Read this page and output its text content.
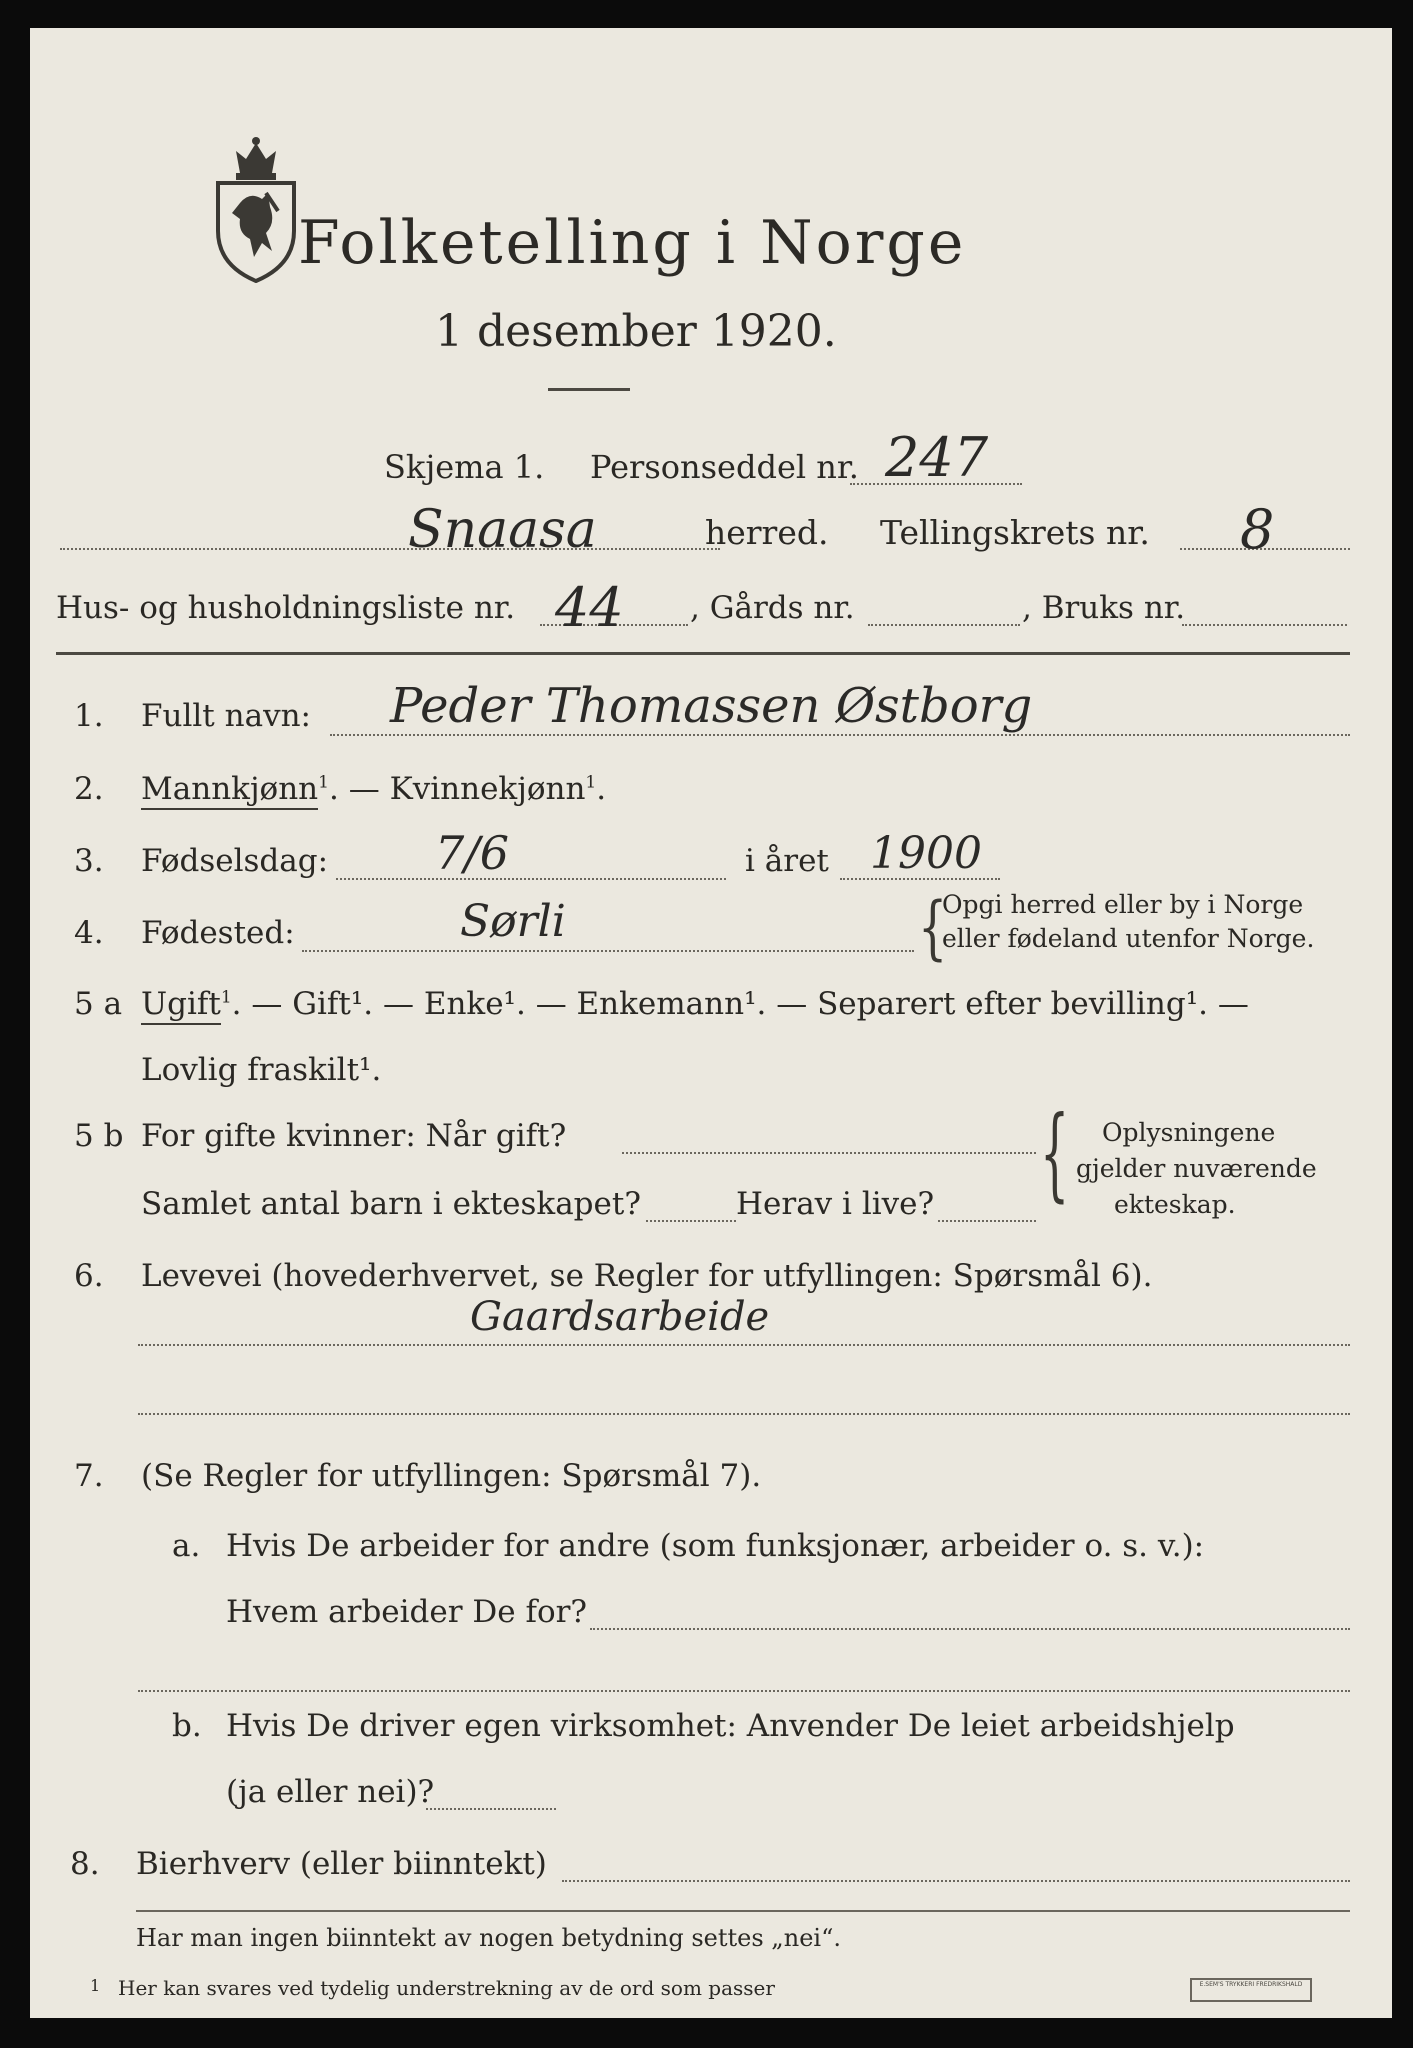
Folketelling i Norge
1 desember 1920.
Skjema 1. Personseddel nr. 247
Snaasa	herred. Tellingskrets nr. 8
Hus- og husholdningsliste nr. 44 , Gårds nr.	, Bruks nr.
1. Fullt navn: Peder Thomassen Østborg
2. Mannkjønn$^1$. — Kvinnekjønn$^1$.
3. Fødselsdag: 7/6	i året 1900
4. Fødested:	Sørli	{
Opgi herred eller by i Norge
eller fødeland utenfor Norge.
5 a Ugift$^1$. — Gift¹. — Enke¹. — Enkemann¹. — Separert efter bevilling¹. —
Lovlig fraskilt¹.
5 b For gifte kvinner: Når gift?
Samlet antal barn i ekteskapet?	Herav i live? { Oplysningene
gjelder nuværende
ekteskap.
6. Levevei (hovederhvervet, se Regler for utfyllingen: Spørsmål 6).
Gaardsarbeide
7. (Se Regler for utfyllingen: Spørsmål 7).
a. Hvis De arbeider for andre (som funksjonær, arbeider o. s. v.):
Hvem arbeider De for?
b. Hvis De driver egen virksomhet: Anvender De leiet arbeidshjelp
(ja eller nei)?
8. Bierhverv (eller biinntekt)
Har man ingen biinntekt av nogen betydning settes „nei“.
1 Her kan svares ved tydelig understrekning av de ord som passer	E.SEM'S TRYKKERI FREDRIKSHALD
